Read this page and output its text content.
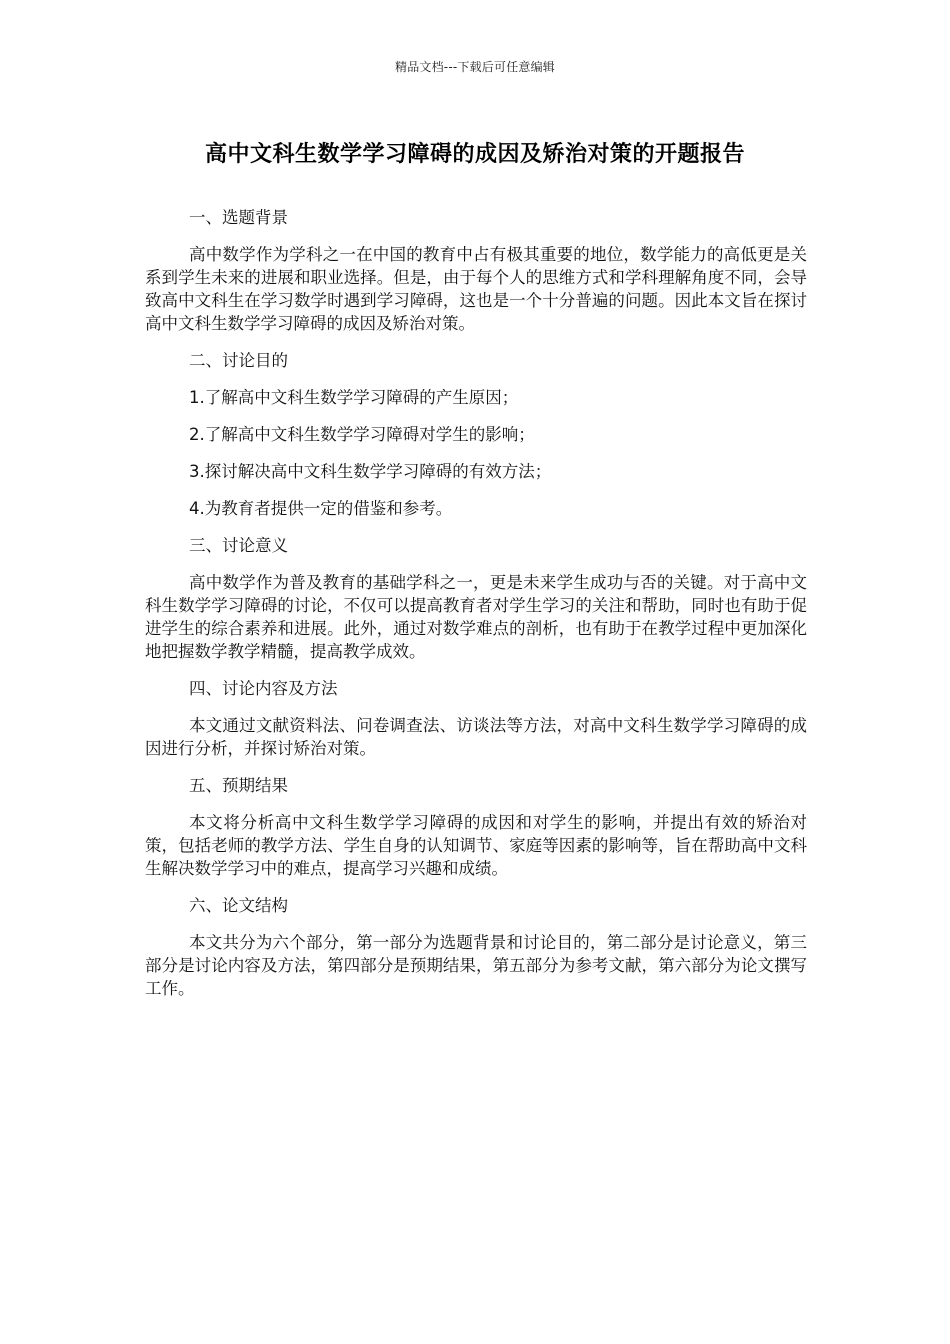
精品文档---下载后可任意编辑
高中文科生数学学习障碍的成因及矫治对策的开题报告
一、选题背景
高中数学作为学科之一在中国的教育中占有极其重要的地位，数学能力的高低更是关系到学生未来的进展和职业选择。但是，由于每个人的思维方式和学科理解角度不同，会导致高中文科生在学习数学时遇到学习障碍，这也是一个十分普遍的问题。因此本文旨在探讨高中文科生数学学习障碍的成因及矫治对策。
二、讨论目的
1.了解高中文科生数学学习障碍的产生原因；
2.了解高中文科生数学学习障碍对学生的影响；
3.探讨解决高中文科生数学学习障碍的有效方法；
4.为教育者提供一定的借鉴和参考。
三、讨论意义
高中数学作为普及教育的基础学科之一，更是未来学生成功与否的关键。对于高中文科生数学学习障碍的讨论，不仅可以提高教育者对学生学习的关注和帮助，同时也有助于促进学生的综合素养和进展。此外，通过对数学难点的剖析，也有助于在教学过程中更加深化地把握数学教学精髓，提高教学成效。
四、讨论内容及方法
本文通过文献资料法、问卷调查法、访谈法等方法，对高中文科生数学学习障碍的成因进行分析，并探讨矫治对策。
五、预期结果
本文将分析高中文科生数学学习障碍的成因和对学生的影响，并提出有效的矫治对策，包括老师的教学方法、学生自身的认知调节、家庭等因素的影响等，旨在帮助高中文科生解决数学学习中的难点，提高学习兴趣和成绩。
六、论文结构
本文共分为六个部分，第一部分为选题背景和讨论目的，第二部分是讨论意义，第三部分是讨论内容及方法，第四部分是预期结果，第五部分为参考文献，第六部分为论文撰写工作。
